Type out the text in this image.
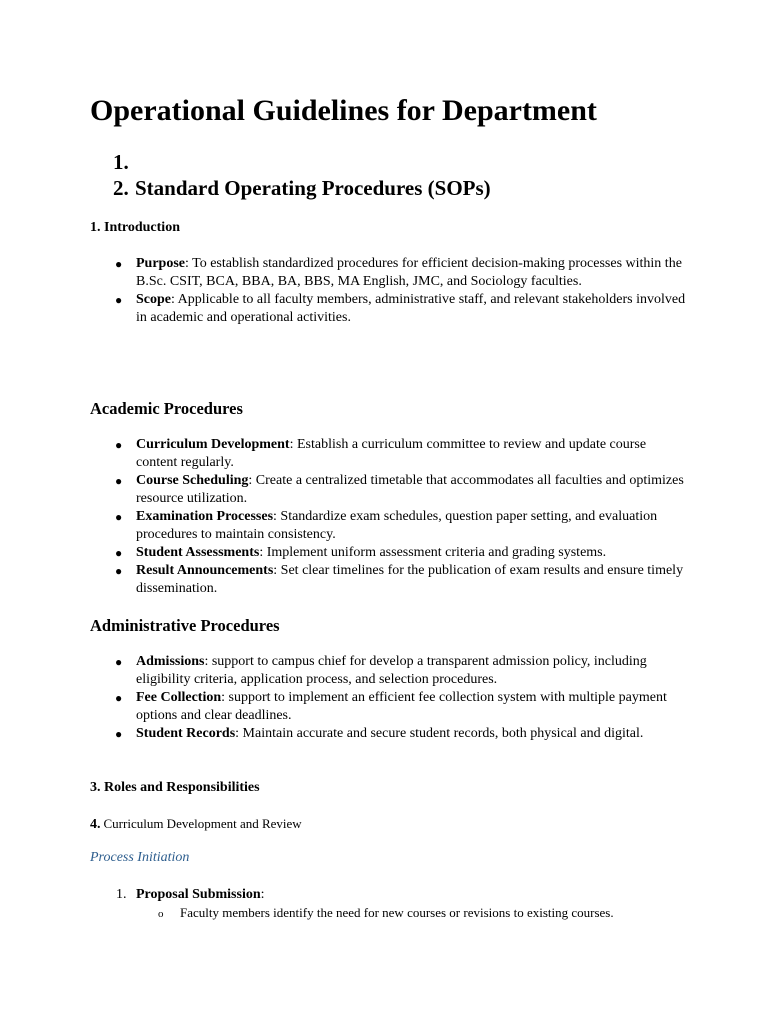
Operational Guidelines for Department
1.
2. Standard Operating Procedures (SOPs)
1. Introduction
● Purpose: To establish standardized procedures for efficient decision-making processes within the B.Sc. CSIT, BCA, BBA, BA, BBS, MA English, JMC, and Sociology faculties.
● Scope: Applicable to all faculty members, administrative staff, and relevant stakeholders involved in academic and operational activities.
Academic Procedures
● Curriculum Development: Establish a curriculum committee to review and update course content regularly.
● Course Scheduling: Create a centralized timetable that accommodates all faculties and optimizes resource utilization.
● Examination Processes: Standardize exam schedules, question paper setting, and evaluation procedures to maintain consistency.
● Student Assessments: Implement uniform assessment criteria and grading systems.
● Result Announcements: Set clear timelines for the publication of exam results and ensure timely dissemination.
Administrative Procedures
● Admissions: support to campus chief for develop a transparent admission policy, including eligibility criteria, application process, and selection procedures.
● Fee Collection: support to implement an efficient fee collection system with multiple payment options and clear deadlines.
● Student Records: Maintain accurate and secure student records, both physical and digital.
3. Roles and Responsibilities
4. Curriculum Development and Review
Process Initiation
1. Proposal Submission:
o Faculty members identify the need for new courses or revisions to existing courses.
